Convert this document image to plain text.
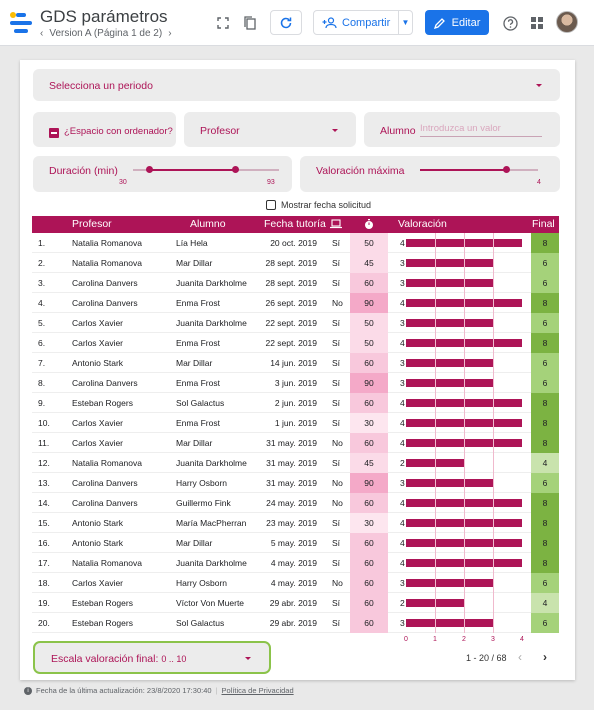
GDS parámetros
‹ Version A (Página 1 de 2) ›
Compartir	▼	Editar
Selecciona un periodo
¿Espacio con ordenador?	Profesor	Alumno Introduzca un valor
Duración (min)
30	93
Valoración máxima
4
Mostrar fecha solicitud
Profesor	Alumno	Fecha tutoría	Valoración	Final
1.	Natalia Romanova	Lía Hela	20 oct. 2019 Sí	50	4	8
2.	Natalia Romanova	Mar Dillar	28 sept. 2019 Sí	45	3	6
3.	Carolina Danvers	Juanita Darkholme 28 sept. 2019 Sí	60	3	6
4.	Carolina Danvers	Enma Frost	26 sept. 2019 No	90	4	8
5.	Carlos Xavier	Juanita Darkholme 22 sept. 2019 Sí	50	3	6
6.	Carlos Xavier	Enma Frost	22 sept. 2019 Sí	50	4	8
7.	Antonio Stark	Mar Dillar	14 jun. 2019 Sí	60	3	6
8.	Carolina Danvers	Enma Frost	3 jun. 2019 Sí	90	3	6
9.	Esteban Rogers	Sol Galactus	2 jun. 2019 Sí	60	4	8
10.	Carlos Xavier	Enma Frost	1 jun. 2019 Sí	30	4	8
11.	Carlos Xavier	Mar Dillar	31 may. 2019 No	60	4	8
12.	Natalia Romanova	Juanita Darkholme 31 may. 2019 Sí	45	2	4
13.	Carolina Danvers	Harry Osborn	31 may. 2019 No	90	3	6
14.	Carolina Danvers	Guillermo Fink	24 may. 2019 No	60	4	8
15.	Antonio Stark	María MacPherran 23 may. 2019 Sí	30	4	8
16.	Antonio Stark	Mar Dillar	5 may. 2019 Sí	60	4	8
17.	Natalia Romanova	Juanita Darkholme	4 may. 2019 Sí	60	4	8
18.	Carlos Xavier	Harry Osborn	4 may. 2019 No	60	3	6
19.	Esteban Rogers	Víctor Von Muerte	29 abr. 2019 Sí	60	2	4
20.	Esteban Rogers	Sol Galactus	29 abr. 2019 Sí	60	3	6
0	1	2	3	4
Escala valoración final: 0 .. 10	1 - 20 / 68 ‹ ›
i Fecha de la última actualización: 23/8/2020 17:30:40 | Política de Privacidad
